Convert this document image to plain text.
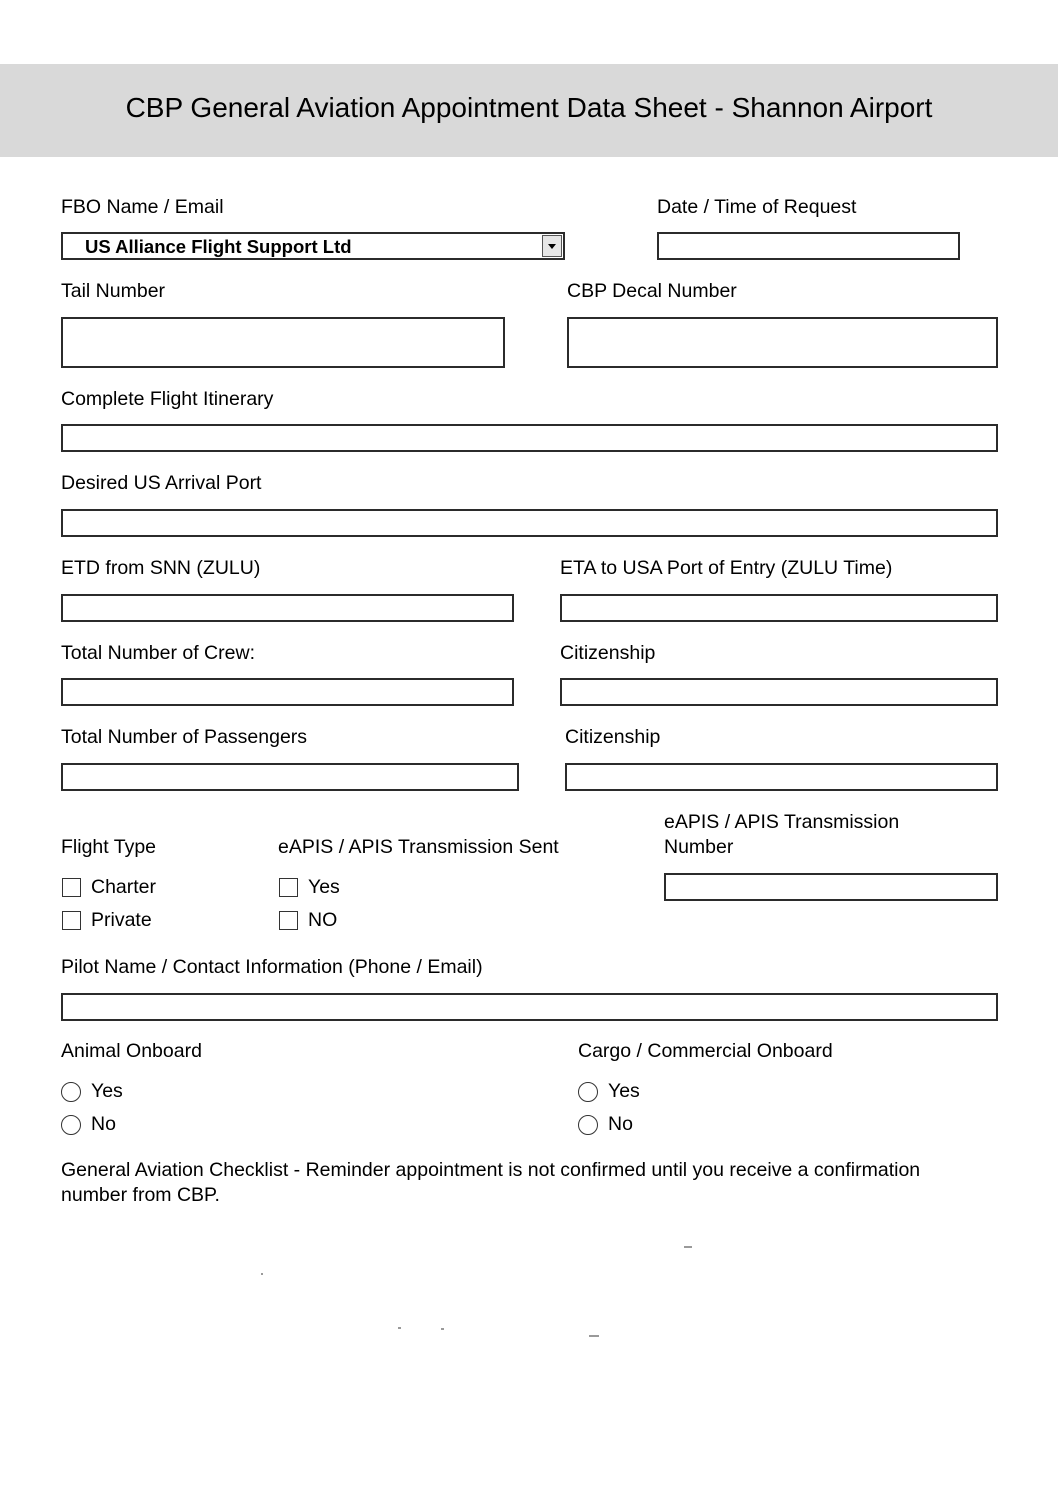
CBP General Aviation Appointment Data Sheet - Shannon Airport
FBO Name / Email
US Alliance Flight Support Ltd
Date / Time of Request
Tail Number	CBP Decal Number
Complete Flight Itinerary
Desired US Arrival Port
ETD from SNN (ZULU)	ETA to USA Port of Entry (ZULU Time)
Total Number of Crew:	Citizenship
Total Number of Passengers	Citizenship
Flight Type
Charter
Private
eAPIS / APIS Transmission Sent
Yes
NO
eAPIS / APIS Transmission
Number
Pilot Name / Contact Information (Phone / Email)
Animal Onboard
Yes
No
Cargo / Commercial Onboard
Yes
No
General Aviation Checklist - Reminder appointment is not confirmed until you receive a confirmation number from CBP.
